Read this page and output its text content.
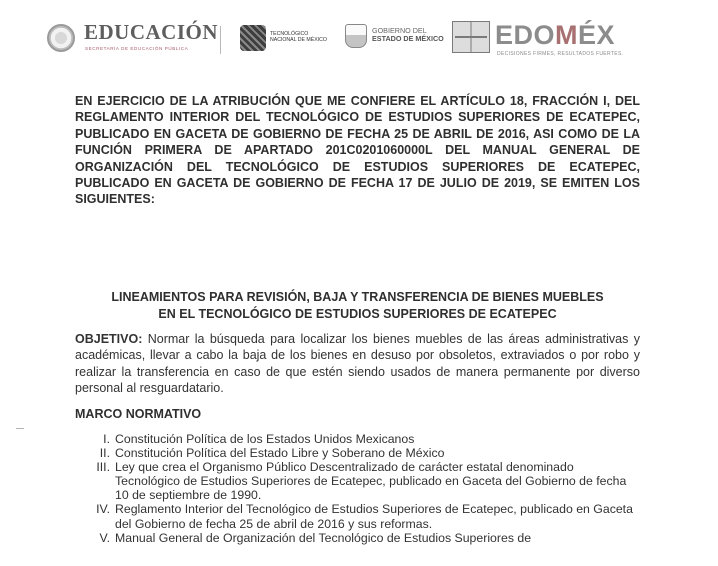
EDUCACIÓN
SECRETARÍA DE EDUCACIÓN PÚBLICA
TECNOLÓGICO
NACIONAL DE MÉXICO
GOBIERNO DEL
ESTADO DE MÉXICO EDOMÉX
DECISIONES FIRMES, RESULTADOS FUERTES.
EN EJERCICIO DE LA ATRIBUCIÓN QUE ME CONFIERE EL ARTÍCULO 18, FRACCIÓN I, DEL REGLAMENTO INTERIOR DEL TECNOLÓGICO DE ESTUDIOS SUPERIORES DE ECATEPEC, PUBLICADO EN GACETA DE GOBIERNO DE FECHA 25 DE ABRIL DE 2016, ASI COMO DE LA FUNCIÓN PRIMERA DE APARTADO 201C0201060000L DEL MANUAL GENERAL DE ORGANIZACIÓN DEL TECNOLÓGICO DE ESTUDIOS SUPERIORES DE ECATEPEC, PUBLICADO EN GACETA DE GOBIERNO DE FECHA 17 DE JULIO DE 2019, SE EMITEN LOS SIGUIENTES:
LINEAMIENTOS PARA REVISIÓN, BAJA Y TRANSFERENCIA DE BIENES MUEBLES
EN EL TECNOLÓGICO DE ESTUDIOS SUPERIORES DE ECATEPEC
OBJETIVO: Normar la búsqueda para localizar los bienes muebles de las áreas administrativas y académicas, llevar a cabo la baja de los bienes en desuso por obsoletos, extraviados o por robo y realizar la transferencia en caso de que estén siendo usados de manera permanente por diverso personal al resguardatario.
MARCO NORMATIVO
I. Constitución Política de los Estados Unidos Mexicanos
II. Constitución Política del Estado Libre y Soberano de México
III. Ley que crea el Organismo Público Descentralizado de carácter estatal denominado Tecnológico de Estudios Superiores de Ecatepec, publicado en Gaceta del Gobierno de fecha 10 de septiembre de 1990.
IV. Reglamento Interior del Tecnológico de Estudios Superiores de Ecatepec, publicado en Gaceta del Gobierno de fecha 25 de abril de 2016 y sus reformas.
V. Manual General de Organización del Tecnológico de Estudios Superiores de
